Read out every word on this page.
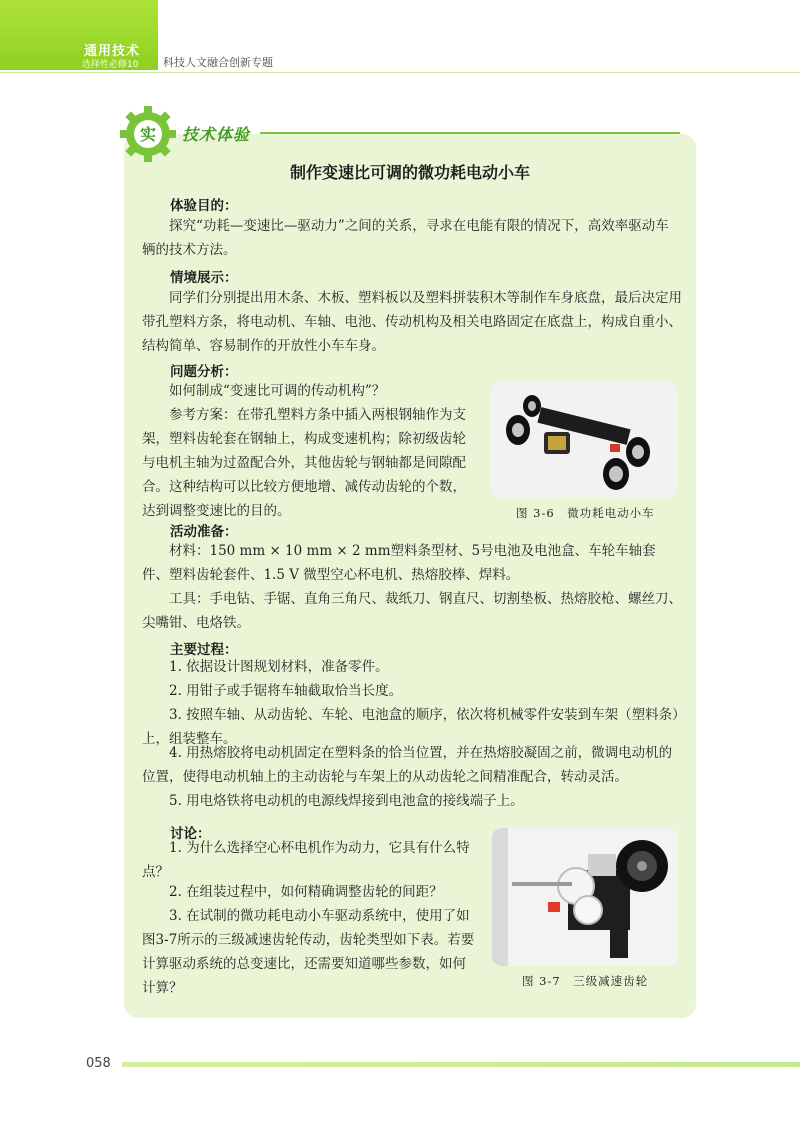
通用技术
选择性必修10 科技人文融合创新专题
实 技术体验
制作变速比可调的微功耗电动小车
体验目的：
探究“功耗—变速比—驱动力”之间的关系，寻求在电能有限的情况下，高效率驱动车辆的技术方法。
情境展示：
同学们分别提出用木条、木板、塑料板以及塑料拼装积木等制作车身底盘，最后决定用带孔塑料方条，将电动机、车轴、电池、传动机构及相关电路固定在底盘上，构成自重小、结构简单、容易制作的开放性小车车身。
问题分析：
如何制成“变速比可调的传动机构”？
参考方案：在带孔塑料方条中插入两根钢轴作为支架，塑料齿轮套在钢轴上，构成变速机构；除初级齿轮与电机主轴为过盈配合外，其他齿轮与钢轴都是间隙配合。这种结构可以比较方便地增、减传动齿轮的个数，达到调整变速比的目的。	图 3-6　微功耗电动小车
活动准备：
材料：150 mm × 10 mm × 2 mm塑料条型材、5号电池及电池盒、车轮车轴套件、塑料齿轮套件、1.5 V 微型空心杯电机、热熔胶棒、焊料。
工具：手电钻、手锯、直角三角尺、裁纸刀、钢直尺、切割垫板、热熔胶枪、螺丝刀、尖嘴钳、电烙铁。
主要过程：
1. 依据设计图规划材料，准备零件。
2. 用钳子或手锯将车轴截取恰当长度。
3. 按照车轴、从动齿轮、车轮、电池盒的顺序，依次将机械零件安装到车架（塑料条）上，组装整车。
4. 用热熔胶将电动机固定在塑料条的恰当位置，并在热熔胶凝固之前，微调电动机的位置，使得电动机轴上的主动齿轮与车架上的从动齿轮之间精准配合，转动灵活。
5. 用电烙铁将电动机的电源线焊接到电池盒的接线端子上。
讨论：
1. 为什么选择空心杯电机作为动力，它具有什么特点？
2. 在组装过程中，如何精确调整齿轮的间距？
3. 在试制的微功耗电动小车驱动系统中，使用了如图3-7所示的三级减速齿轮传动，齿轮类型如下表。若要计算驱动系统的总变速比，还需要知道哪些参数，如何计算？	图 3-7　三级减速齿轮
058
